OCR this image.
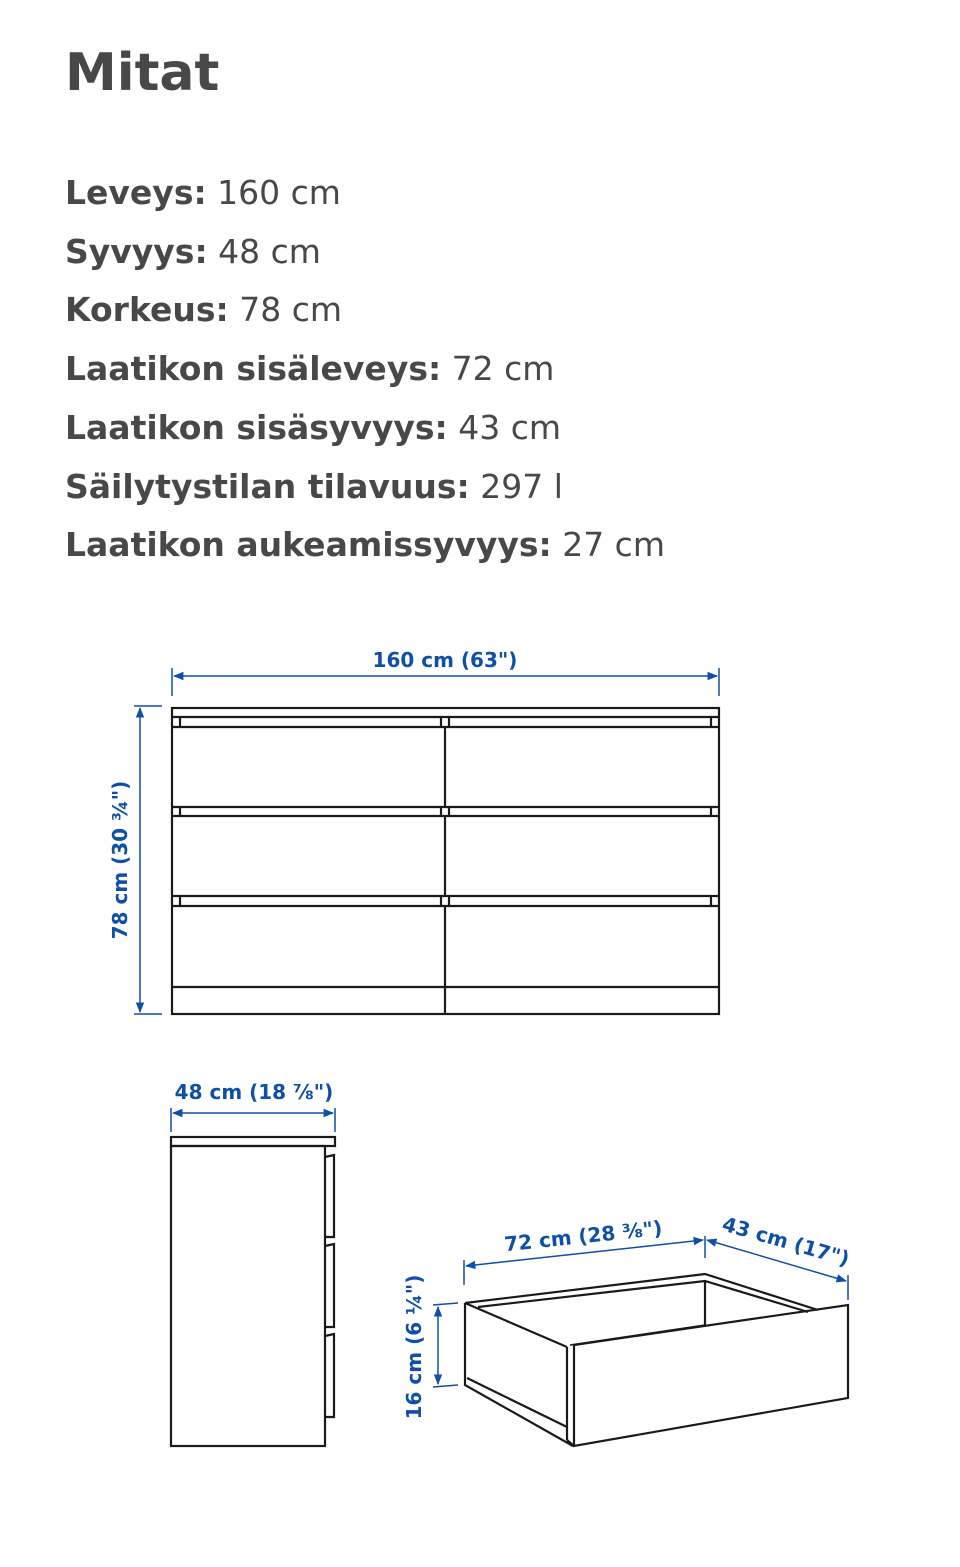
Mitat
Leveys: 160 cm
Syvyys: 48 cm
Korkeus: 78 cm
Laatikon sisäleveys: 72 cm
Laatikon sisäsyvyys: 43 cm
Säilytystilan tilavuus: 297 l
Laatikon aukeamissyvyys: 27 cm
160 cm (63")
78 cm (30 ¾")
48 cm (18 ⅞")
72 cm (28 ⅜")	43 cm (17")
16 cm (6 ¼")
